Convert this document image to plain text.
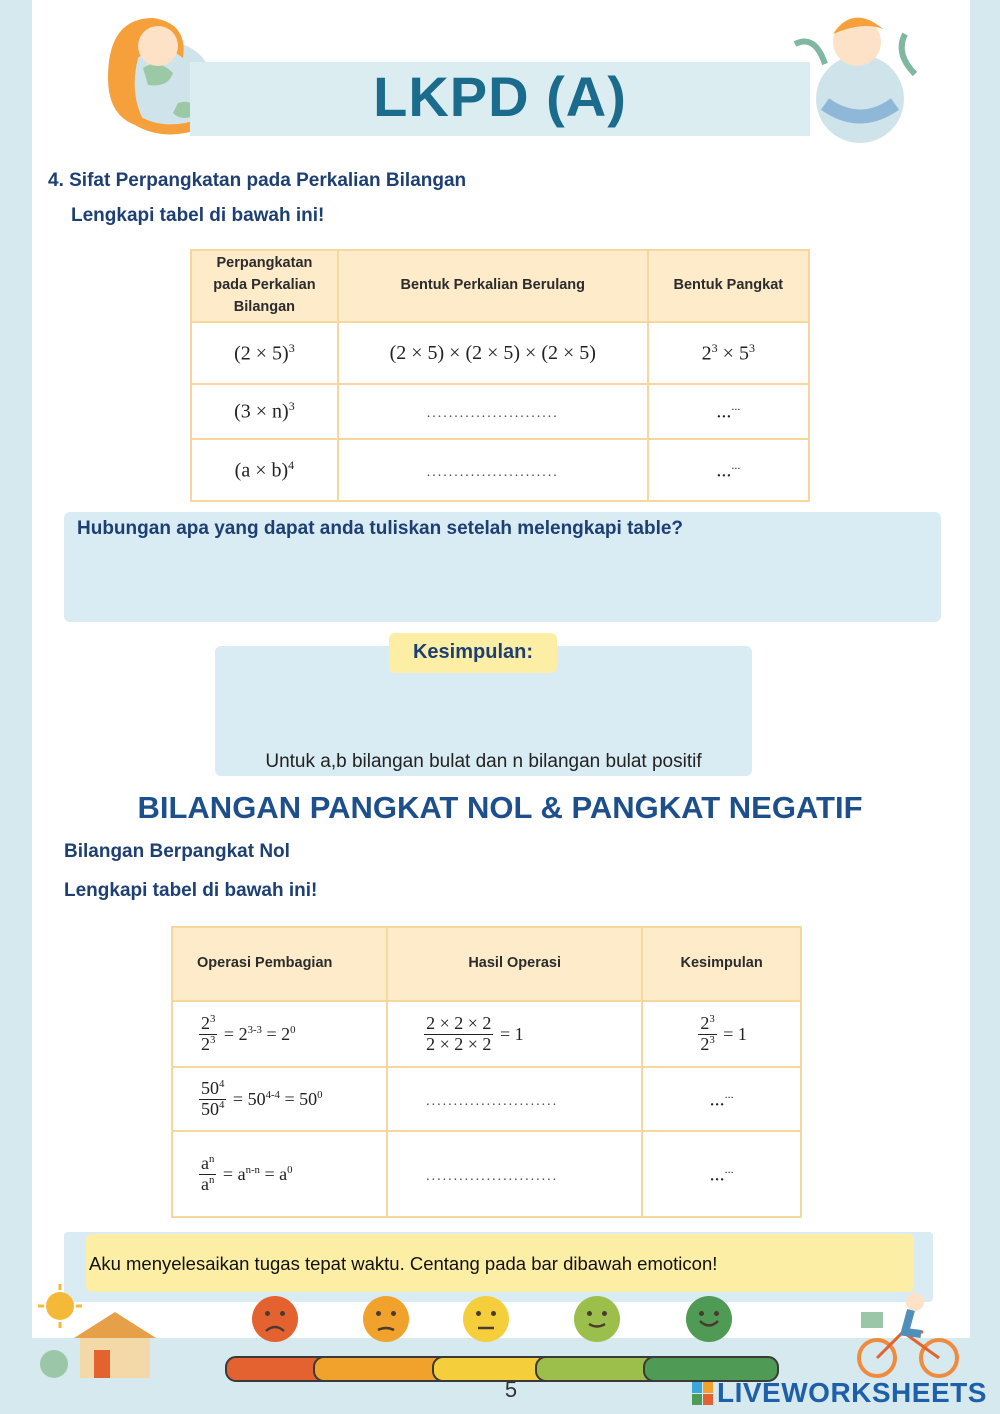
LKPD (A)
4. Sifat Perpangkatan pada Perkalian Bilangan
Lengkapi tabel di bawah ini!
Perpangkatan pada Perkalian Bilangan	Bentuk Perkalian Berulang	Bentuk Pangkat
$(2 \times 5)^3$	(2 × 5) × (2 × 5) × (2 × 5)	$2^3 \times 5^3$
$(3 \times n)^3$	........................	......
$(a \times b)^4$	........................	......
Hubungan apa yang dapat anda tuliskan setelah melengkapi table?
Kesimpulan:
Untuk a,b bilangan bulat dan n bilangan bulat positif
BILANGAN PANGKAT NOL & PANGKAT NEGATIF
Bilangan Berpangkat Nol
Lengkapi tabel di bawah ini!
Operasi Pembagian	Hasil Operasi	Kesimpulan

$\frac{2^3}{2^3} = 2^{3-3} = 2^0$	$\frac{2 \times 2 \times 2}{2 \times 2 \times 2} = 1$	$\frac{2^3}{2^3} = 1$

$\frac{50^4}{50^4} = 50^{4-4} = 50^0$	........................	......

$\frac{a^n}{a^n} = a^{n-n} = a^0$	........................	......
Aku menyelesaikan tugas tepat waktu. Centang pada bar dibawah emoticon!
5	LIVEWORKSHEETS
